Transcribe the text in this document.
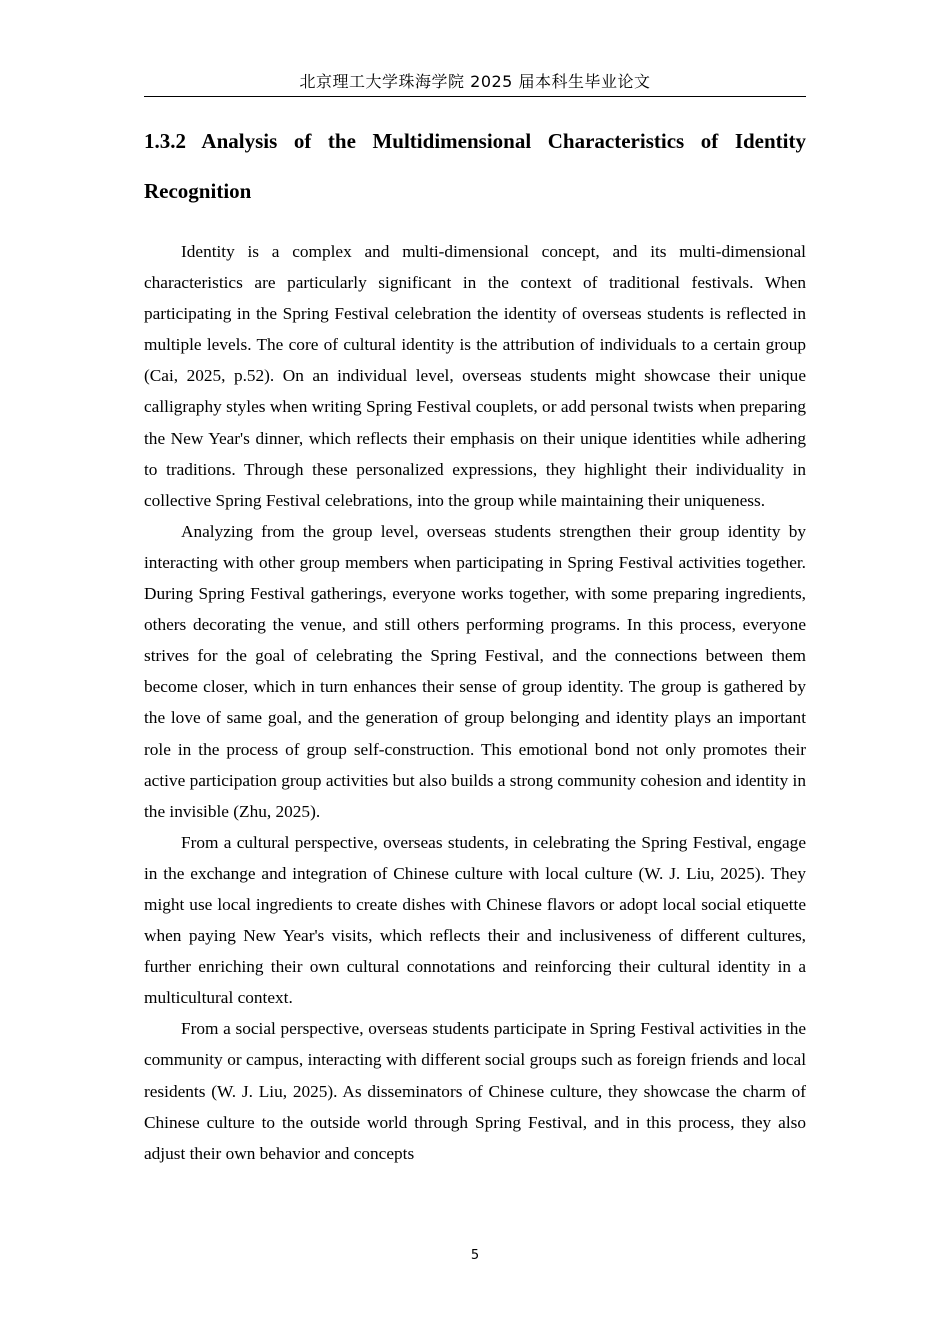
北京理工大学珠海学院 2025 届本科生毕业论文
1.3.2 Analysis of the Multidimensional Characteristics of Identity Recognition

Identity is a complex and multi-dimensional concept, and its multi-dimensional characteristics are particularly significant in the context of traditional festivals. When participating in the Spring Festival celebration the identity of overseas students is reflected in multiple levels. The core of cultural identity is the attribution of individuals to a certain group (Cai, 2025, p.52). On an individual level, overseas students might showcase their unique calligraphy styles when writing Spring Festival couplets, or add personal twists when preparing the New Year's dinner, which reflects their emphasis on their unique identities while adhering to traditions. Through these personalized expressions, they highlight their individuality in collective Spring Festival celebrations, into the group while maintaining their uniqueness.

Analyzing from the group level, overseas students strengthen their group identity by interacting with other group members when participating in Spring Festival activities together. During Spring Festival gatherings, everyone works together, with some preparing ingredients, others decorating the venue, and still others performing programs. In this process, everyone strives for the goal of celebrating the Spring Festival, and the connections between them become closer, which in turn enhances their sense of group identity. The group is gathered by the love of same goal, and the generation of group belonging and identity plays an important role in the process of group self-construction. This emotional bond not only promotes their active participation group activities but also builds a strong community cohesion and identity in the invisible (Zhu, 2025).

From a cultural perspective, overseas students, in celebrating the Spring Festival, engage in the exchange and integration of Chinese culture with local culture (W. J. Liu, 2025). They might use local ingredients to create dishes with Chinese flavors or adopt local social etiquette when paying New Year's visits, which reflects their and inclusiveness of different cultures, further enriching their own cultural connotations and reinforcing their cultural identity in a multicultural context.

From a social perspective, overseas students participate in Spring Festival activities in the community or campus, interacting with different social groups such as foreign friends and local residents (W. J. Liu, 2025). As disseminators of Chinese culture, they showcase the charm of Chinese culture to the outside world through Spring Festival, and in this process, they also adjust their own behavior and concepts

5
